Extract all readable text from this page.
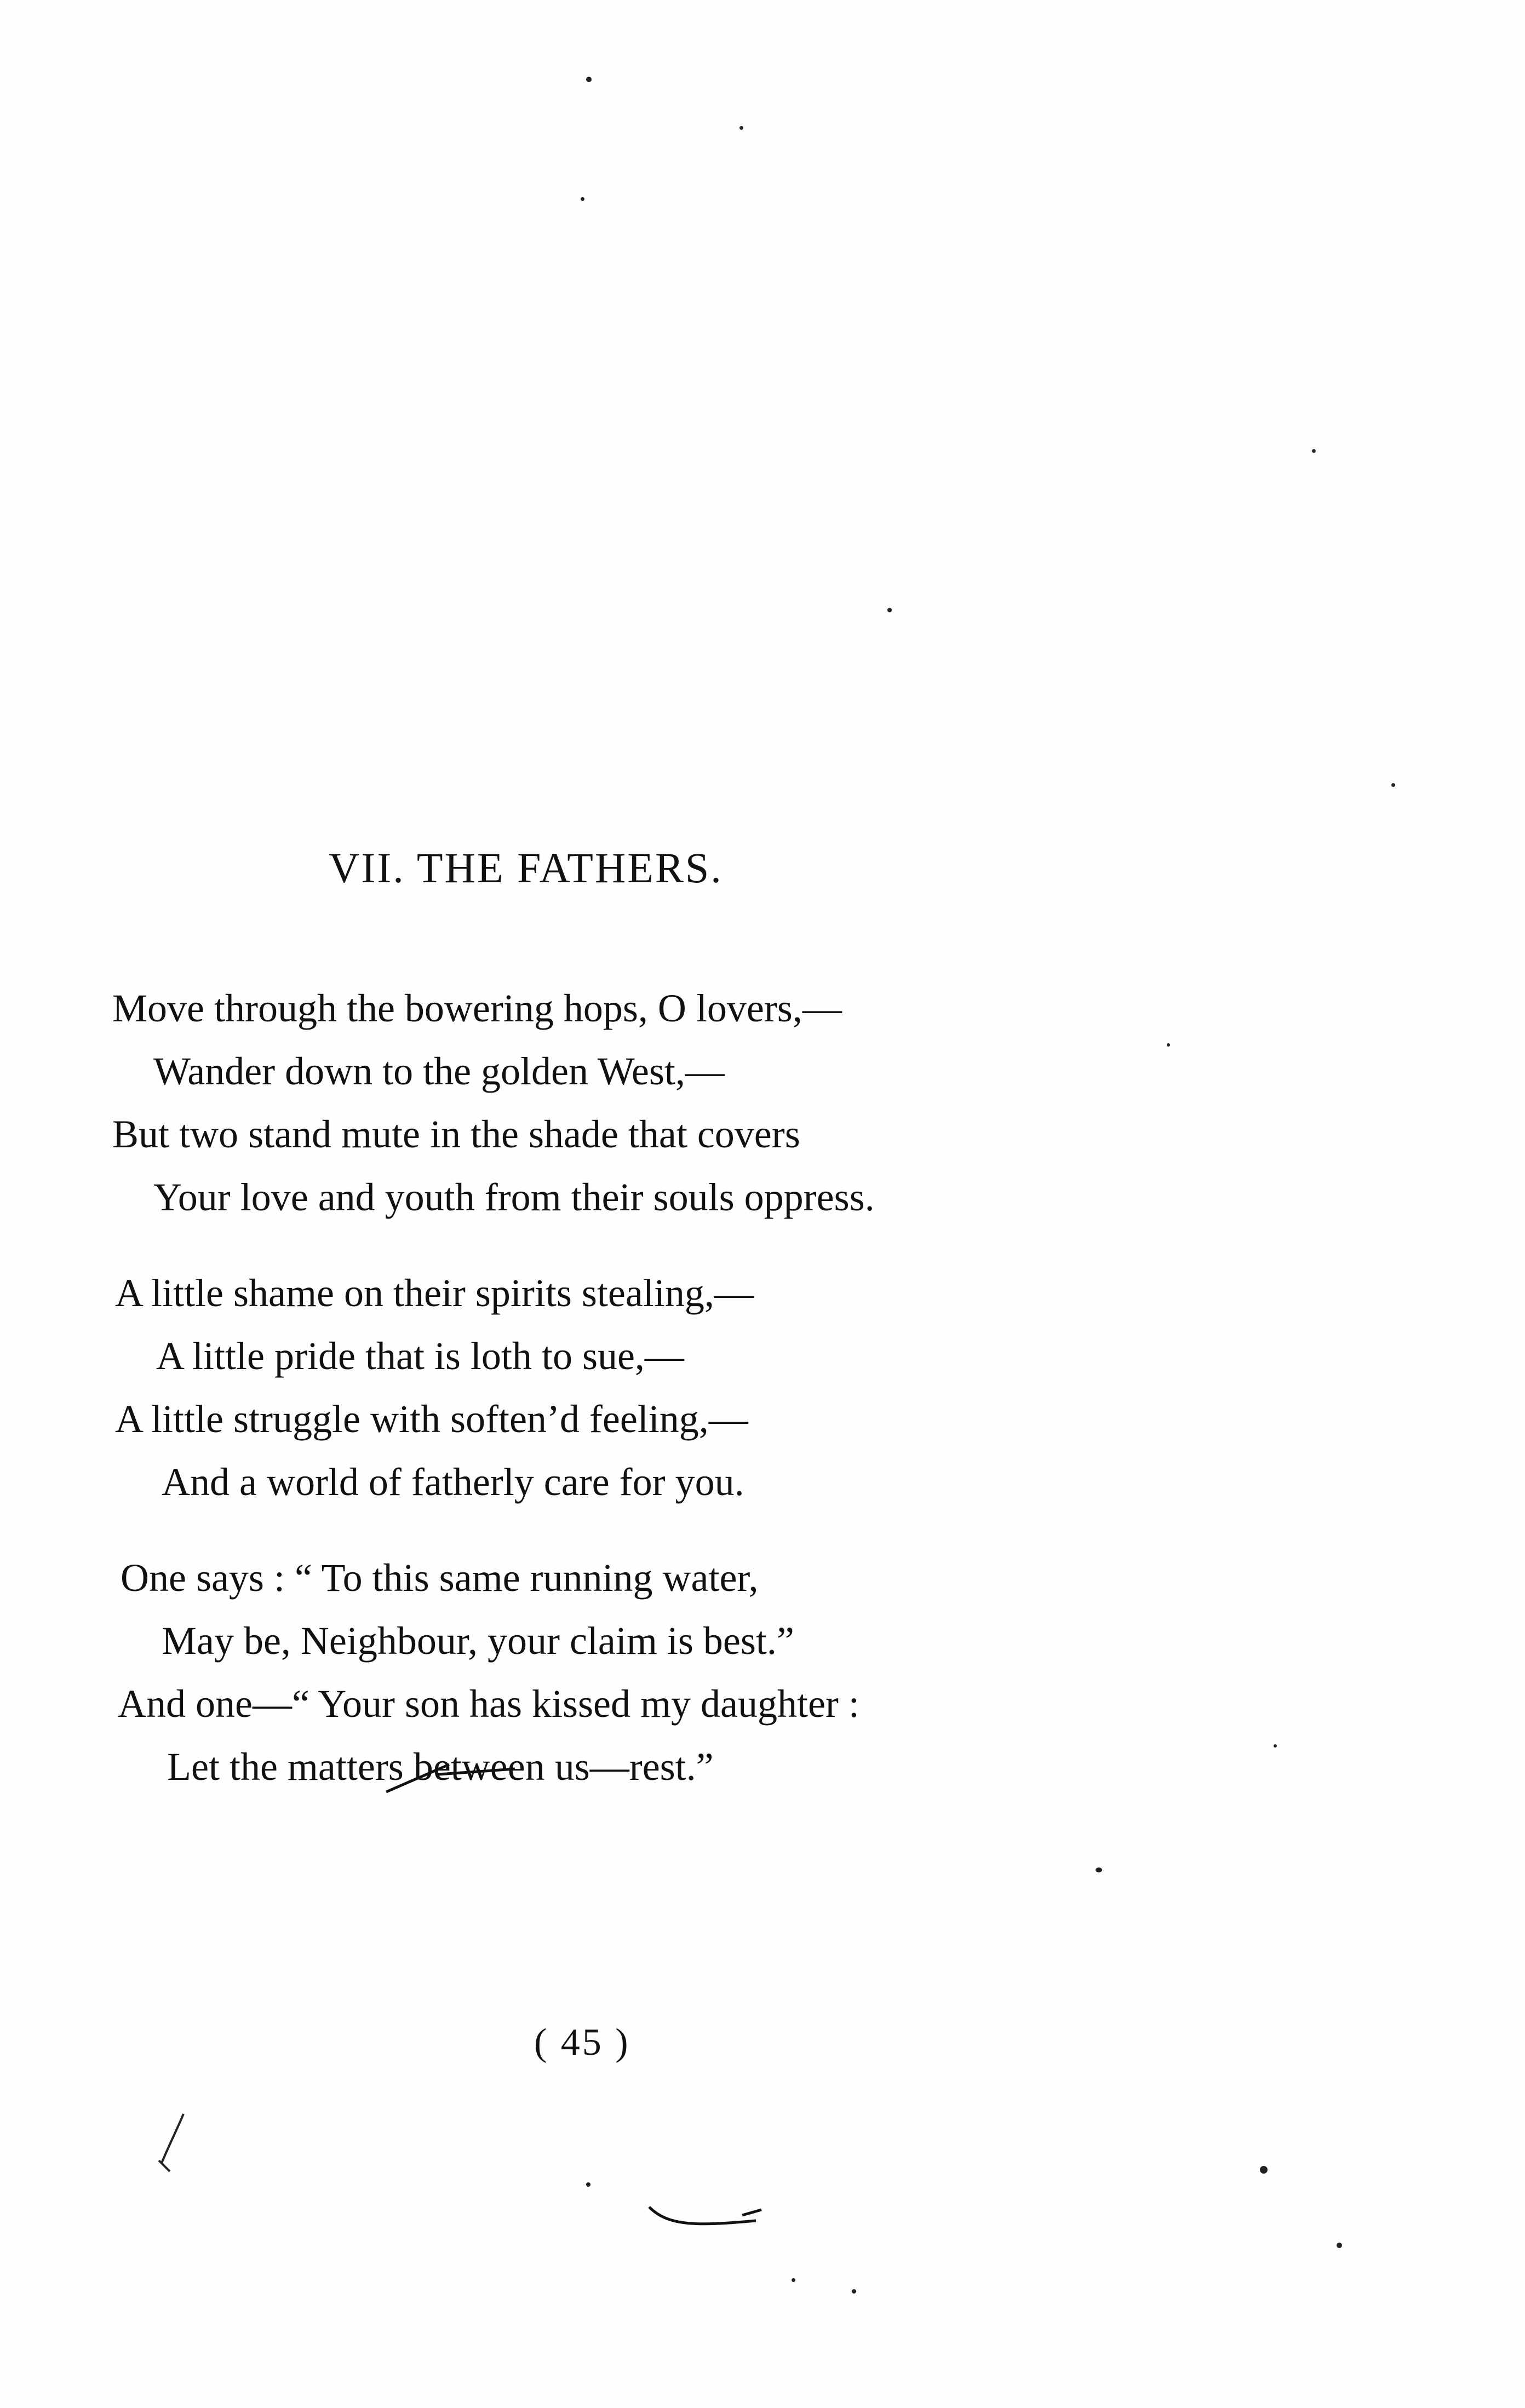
VII. THE FATHERS.
Move through the bowering hops, O lovers,—
Wander down to the golden West,—
But two stand mute in the shade that covers
Your love and youth from their souls oppress.
A little shame on their spirits stealing,—
A little pride that is loth to sue,—
A little struggle with soften’d feeling,—
And a world of fatherly care for you.
One says : “ To this same running water,
May be, Neighbour, your claim is best.”
And one—“ Your son has kissed my daughter :
Let the matters between us—rest.”
( 45 )
